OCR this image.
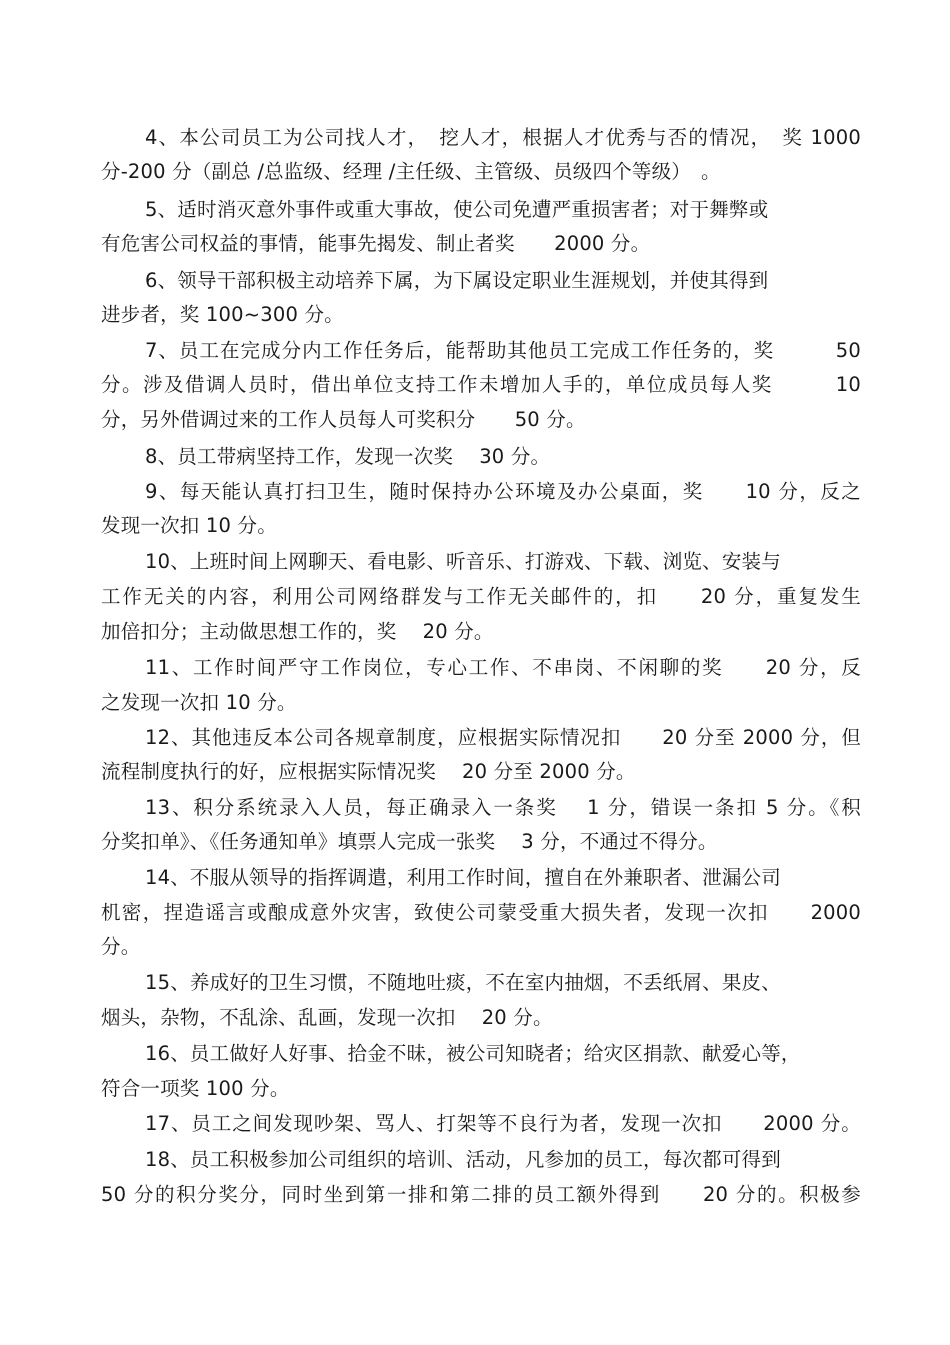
4、本公司员工为公司找人才，　挖人才，根据人才优秀与否的情况，　奖 1000
分-200 分（副总 /总监级、经理 /主任级、主管级、员级四个等级）　。
5、适时消灭意外事件或重大事故，使公司免遭严重损害者；对于舞弊或
有危害公司权益的事情，能事先揭发、制止者奖　　2000 分。
6、领导干部积极主动培养下属，为下属设定职业生涯规划，并使其得到
进步者，奖 100~300 分。
7、员工在完成分内工作任务后，能帮助其他员工完成工作任务的，奖　　　50
分。涉及借调人员时，借出单位支持工作未增加人手的，单位成员每人奖　　　10
分，另外借调过来的工作人员每人可奖积分　　50 分。
8、员工带病坚持工作，发现一次奖　 30 分。
9、每天能认真打扫卫生，随时保持办公环境及办公桌面，奖　　10 分，反之
发现一次扣 10 分。
10、上班时间上网聊天、看电影、听音乐、打游戏、下载、浏览、安装与
工作无关的内容，利用公司网络群发与工作无关邮件的，扣　　20 分，重复发生
加倍扣分；主动做思想工作的，奖　 20 分。
11、工作时间严守工作岗位，专心工作、不串岗、不闲聊的奖　　20 分，反
之发现一次扣 10 分。
12、其他违反本公司各规章制度，应根据实际情况扣　　20 分至 2000 分，但
流程制度执行的好，应根据实际情况奖　 20 分至 2000 分。
13、积分系统录入人员，每正确录入一条奖　 1 分，错误一条扣 5 分。《积
分奖扣单》、《任务通知单》填票人完成一张奖　 3 分，不通过不得分。
14、不服从领导的指挥调遣，利用工作时间，擅自在外兼职者、泄漏公司
机密，捏造谣言或酿成意外灾害，致使公司蒙受重大损失者，发现一次扣　　2000
分。
15、养成好的卫生习惯，不随地吐痰，不在室内抽烟，不丢纸屑、果皮、
烟头，杂物，不乱涂、乱画，发现一次扣　 20 分。
16、员工做好人好事、拾金不昧，被公司知晓者；给灾区捐款、献爱心等，
符合一项奖 100 分。
17、员工之间发现吵架、骂人、打架等不良行为者，发现一次扣　　2000 分。
18、员工积极参加公司组织的培训、活动，凡参加的员工，每次都可得到
50 分的积分奖分，同时坐到第一排和第二排的员工额外得到　　20 分的。积极参
